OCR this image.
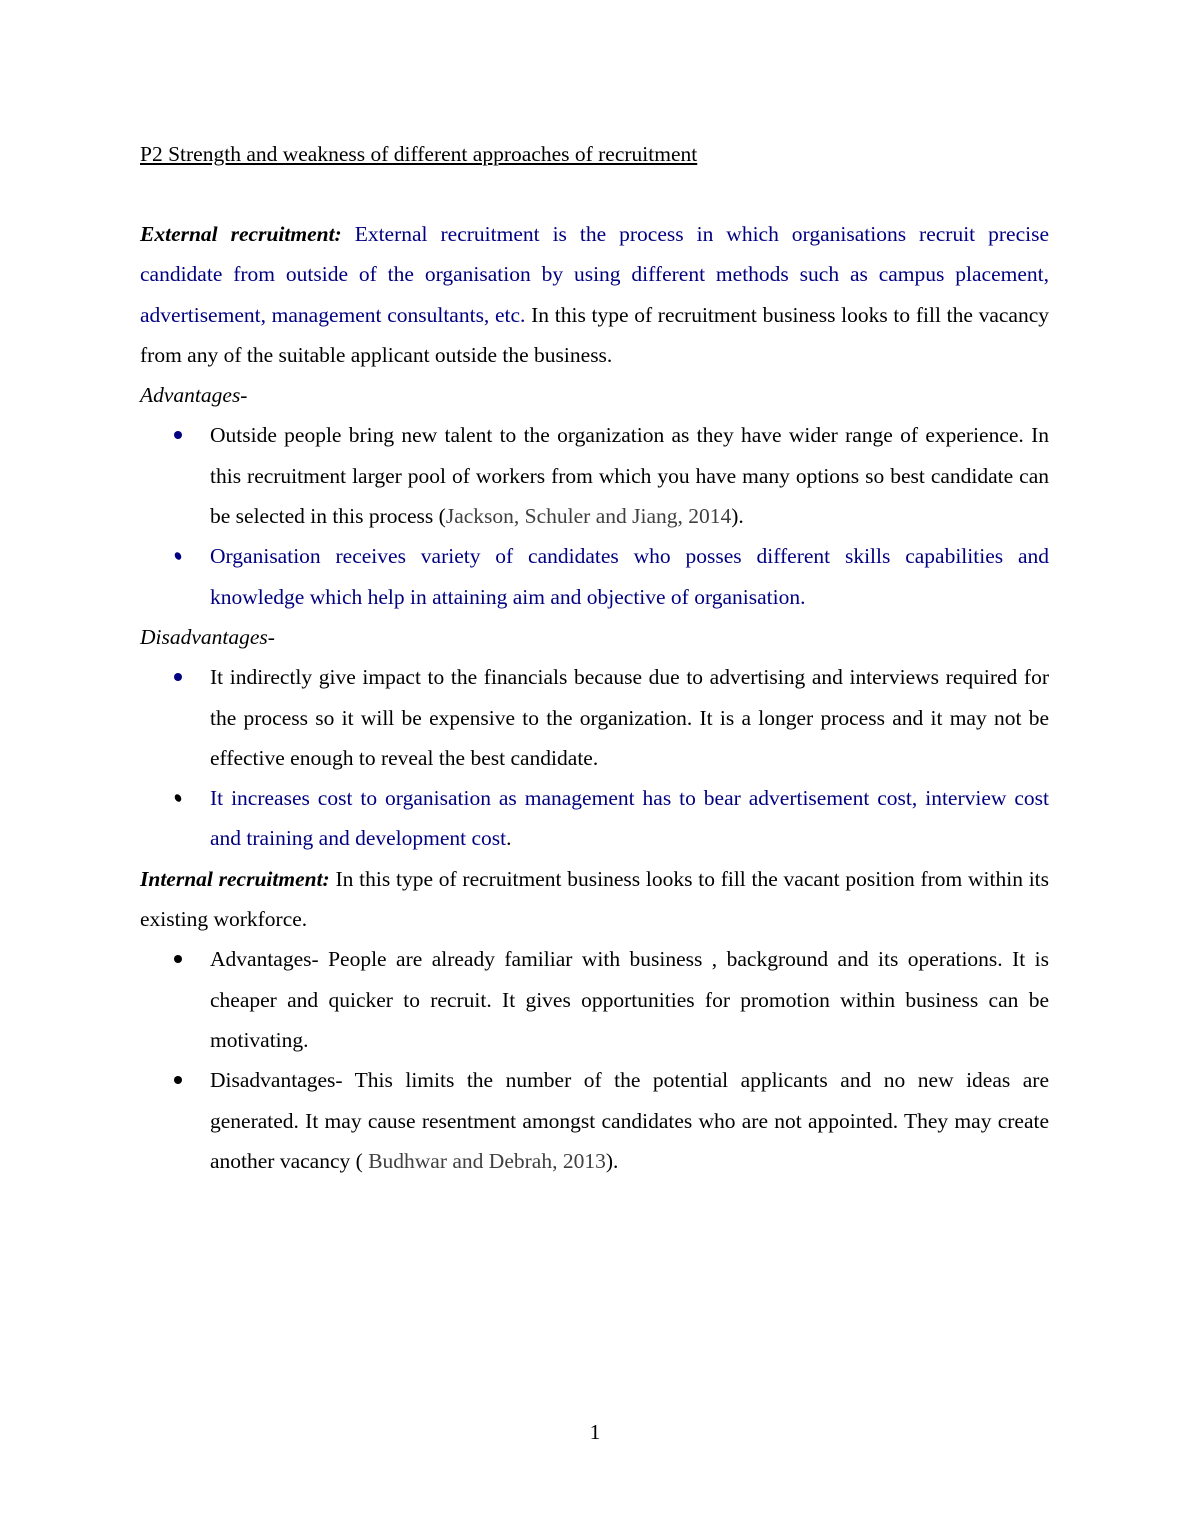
P2 Strength and weakness of different approaches of recruitment

External recruitment: External recruitment is the process in which organisations recruit precise candidate from outside of the organisation by using different methods such as campus placement, advertisement, management consultants, etc. In this type of recruitment business looks to fill the vacancy from any of the suitable applicant outside the business.

Advantages-

Outside people bring new talent to the organization as they have wider range of experience. In this recruitment larger pool of workers from which you have many options so best candidate can be selected in this process (Jackson, Schuler and Jiang, 2014).
Organisation receives variety of candidates who posses different skills capabilities and knowledge which help in attaining aim and objective of organisation.

Disadvantages-

It indirectly give impact to the financials because due to advertising and interviews required for the process so it will be expensive to the organization. It is a longer process and it may not be effective enough to reveal the best candidate.
It increases cost to organisation as management has to bear advertisement cost, interview cost and training and development cost.

Internal recruitment: In this type of recruitment business looks to fill the vacant position from within its existing workforce.

Advantages- People are already familiar with business , background and its operations. It is cheaper and quicker to recruit. It gives opportunities for promotion within business can be motivating.
Disadvantages- This limits the number of the potential applicants and no new ideas are generated. It may cause resentment amongst candidates who are not appointed. They may create another vacancy ( Budhwar and Debrah, 2013).
1
